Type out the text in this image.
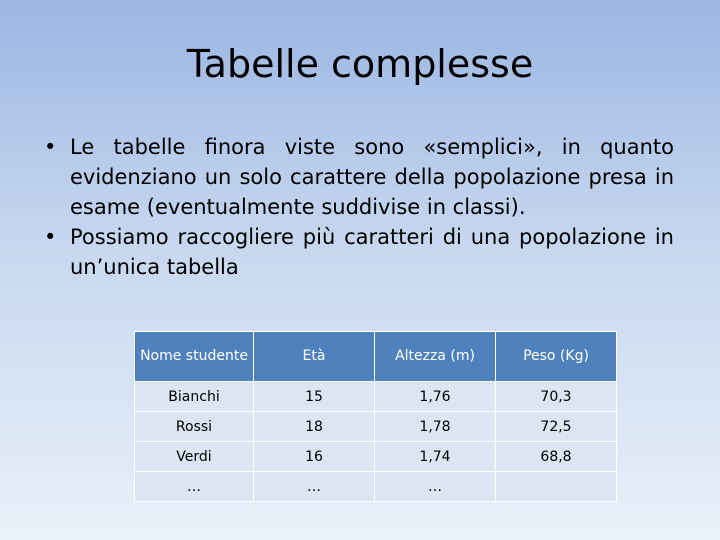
Tabelle complesse
• Le tabelle finora viste sono «semplici», in quanto evidenziano un solo carattere della popolazione presa in esame (eventualmente suddivise in classi).
• Possiamo raccogliere più caratteri di una popolazione in un’unica tabella
Nome studente	Età	Altezza (m)	Peso (Kg)
Bianchi	15	1,76	70,3
Rossi	18	1,78	72,5
Verdi	16	1,74	68,8
…	…	…	
